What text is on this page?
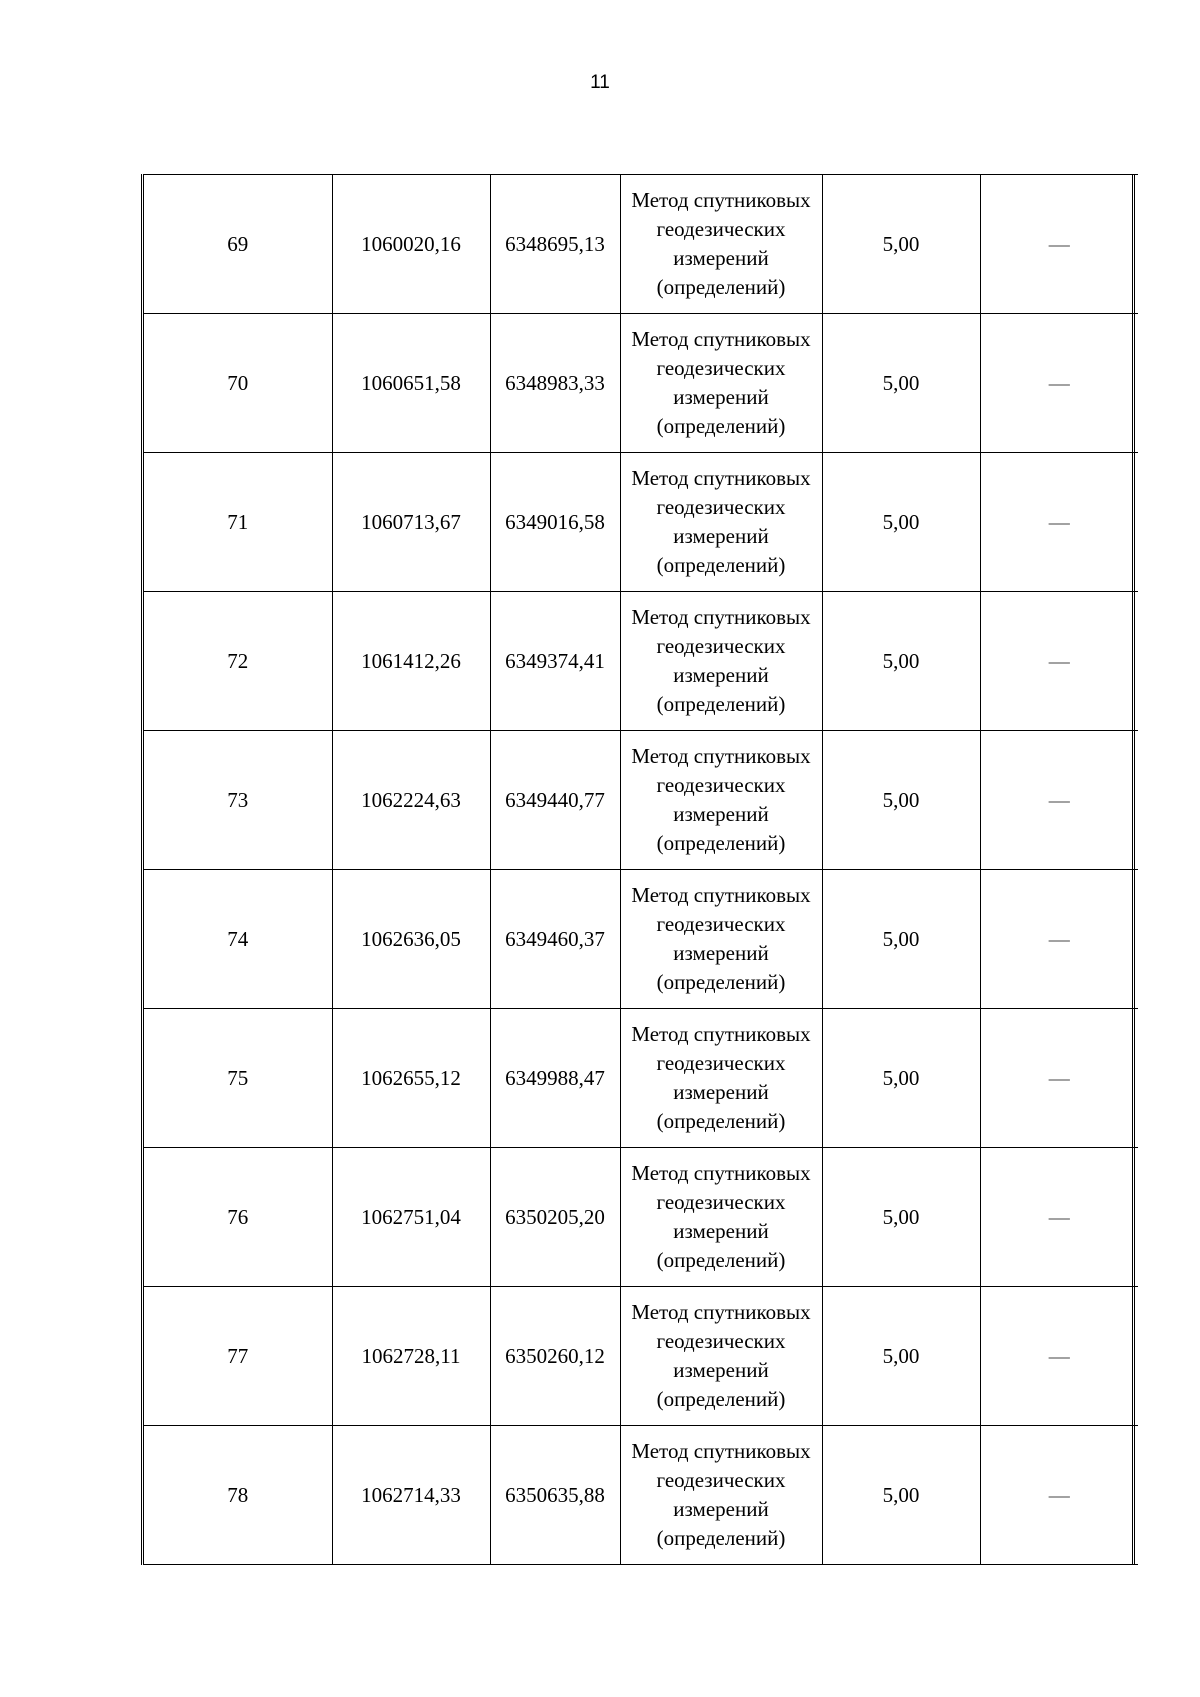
11
69	1060020,16	6348695,13	Метод спутниковых
геодезических
измерений
(определений)	5,00	—
70	1060651,58	6348983,33	Метод спутниковых
геодезических
измерений
(определений)	5,00	—
71	1060713,67	6349016,58	Метод спутниковых
геодезических
измерений
(определений)	5,00	—
72	1061412,26	6349374,41	Метод спутниковых
геодезических
измерений
(определений)	5,00	—
73	1062224,63	6349440,77	Метод спутниковых
геодезических
измерений
(определений)	5,00	—
74	1062636,05	6349460,37	Метод спутниковых
геодезических
измерений
(определений)	5,00	—
75	1062655,12	6349988,47	Метод спутниковых
геодезических
измерений
(определений)	5,00	—
76	1062751,04	6350205,20	Метод спутниковых
геодезических
измерений
(определений)	5,00	—
77	1062728,11	6350260,12	Метод спутниковых
геодезических
измерений
(определений)	5,00	—
78	1062714,33	6350635,88	Метод спутниковых
геодезических
измерений
(определений)	5,00	—
